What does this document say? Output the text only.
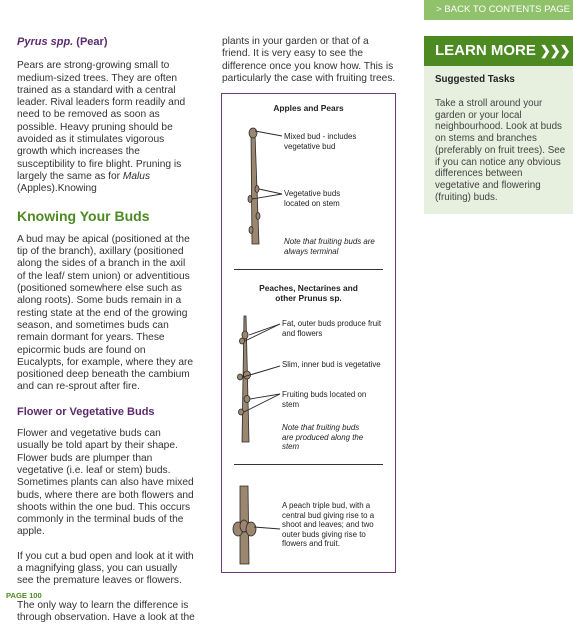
> BACK TO CONTENTS PAGE
Pyrus spp. (Pear)

Pears are strong-growing small to medium-sized trees. They are often trained as a standard with a central leader. Rival leaders form readily and need to be removed as soon as possible. Heavy pruning should be avoided as it stimulates vigorous growth which increases the susceptibility to fire blight. Pruning is largely the same as for Malus (Apples).Knowing

Knowing Your Buds

A bud may be apical (positioned at the tip of the branch), axillary (positioned along the sides of a branch in the axil of the leaf/ stem union) or adventitious (positioned somewhere else such as along roots). Some buds remain in a resting state at the end of the growing season, and sometimes buds can remain dormant for years. These epicormic buds are found on Eucalypts, for example, where they are positioned deep beneath the cambium and can re-sprout after fire.

Flower or Vegetative Buds

Flower and vegetative buds can usually be told apart by their shape. Flower buds are plumper than vegetative (i.e. leaf or stem) buds. Sometimes plants can also have mixed buds, where there are both flowers and shoots within the one bud. This occurs commonly in the terminal buds of the apple.

If you cut a bud open and look at it with a magnifying glass, you can usually see the premature leaves or flowers.

The only way to learn the difference is through observation. Have a look at the

plants in your garden or that of a friend. It is very easy to see the difference once you know how. This is particularly the case with fruiting trees.
Apples and Pears
Mixed bud - includes vegetative bud
Vegetative buds located on stem
Note that fruiting buds are always terminal
Peaches, Nectarines and
other Prunus sp.
Fat, outer buds produce fruit and flowers
Slim, inner bud is vegetative
Fruiting buds located on stem
Note that fruiting buds are produced along the stem
A peach triple bud, with a central bud giving rise to a shoot and leaves; and two outer buds giving rise to flowers and fruit.
LEARN MORE ❯❯❯
Suggested Tasks
Take a stroll around your garden or your local neighbourhood. Look at buds on stems and branches (preferably on fruit trees). See if you can notice any obvious differences between vegetative and flowering (fruiting) buds.
PAGE 100
